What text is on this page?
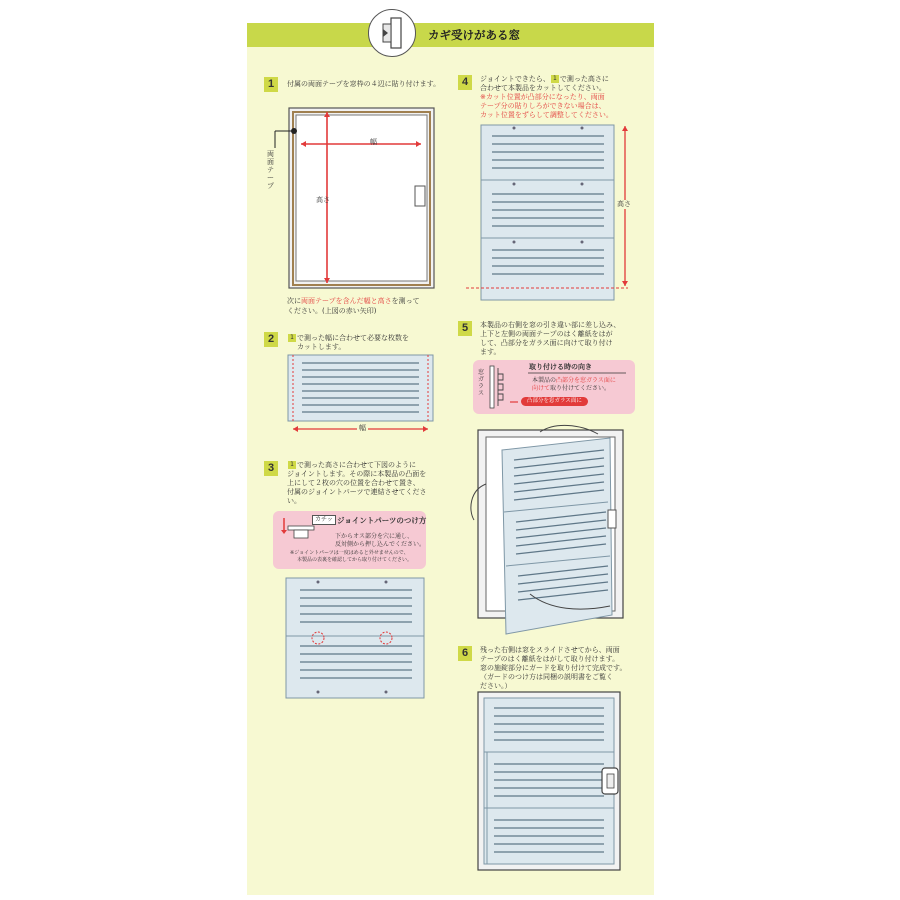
カギ受けがある窓
1	付属の両面テープを窓枠の４辺に貼り付けます。
両面テープ
幅
高さ
次に両面テープを含んだ幅と高さを測って
ください。(上図の赤い矢印)
2	1 で測った幅に合わせて必要な枚数を
カットします。
幅
3	1 で測った高さに合わせて下図のように
ジョイントします。その際に本製品の凸面を
上にして２枚の穴の位置を合わせて置き、
付属のジョイントパーツで連結させてくださ
い。
カチッ ジョイントパーツのつけ方
下からオス部分を穴に通し、
反対側から押し込んでください。
※ジョイントパーツは一度はめると外せませんので、
本製品の表裏を確認してから取り付けてください。
4	ジョイントできたら、 1 で測った高さに
合わせて本製品をカットしてください。
※カット位置が凸部分になったり、両面
テープ分の貼りしろができない場合は、
カット位置をずらして調整してください。
高さ
5	本製品の右側を窓の引き違い部に差し込み、
上下と左側の両面テープのはく離紙をはが
して、凸部分をガラス面に向けて取り付け
ます。
取り付ける時の向き
窓ガラス
本製品の凸部分を窓ガラス面に
向けて取り付けてください。
凸部分を窓ガラス面に
6	残った右側は窓をスライドさせてから、両面
テープのはく離紙をはがして取り付けます。
窓の施錠部分にガードを取り付けて完成です。
（ガードのつけ方は同梱の説明書をご覧く
ださい。）
